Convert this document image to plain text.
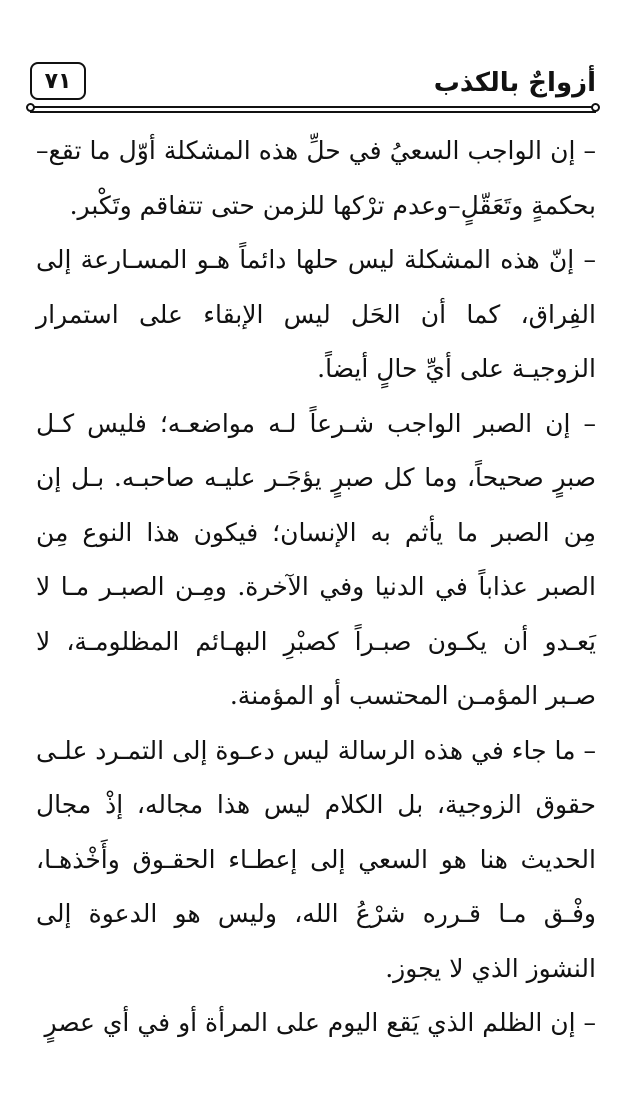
أزواجٌ بالكذب
٧١

– إن الواجب السعيُ في حلِّ هذه المشكلة أوّل ما تقع– بحكمةٍ وتَعَقّلٍ–وعدم ترْكها للزمن حتى تتفاقم وتَكْبر.

– إنّ هذه المشكلة ليس حلها دائماً هـو المسـارعة إلى الفِراق، كما أن الحَل ليس الإبقاء على استمرار الزوجيـة على أيِّ حالٍ أيضاً.

– إن الصبر الواجب شـرعاً لـه مواضعـه؛ فليس كـل صبرٍ صحيحاً، وما كل صبرٍ يؤجَـر عليـه صاحبـه. بـل إن مِن الصبر ما يأثم به الإنسان؛ فيكون هذا النوع مِن الصبر عذاباً في الدنيا وفي الآخرة. ومِـن الصبـر مـا لا يَعـدو أن يكـون صبـراً كصبْرِ البهـائم المظلومـة، لا صـبر المؤمـن المحتسب أو المؤمنة.

– ما جاء في هذه الرسالة ليس دعـوة إلى التمـرد علـى حقوق الزوجية، بل الكلام ليس هذا مجاله، إذْ مجال الحديث هنا هو السعي إلى إعطـاء الحقـوق وأَخْذهـا، وفْـق مـا قـرره شرْعُ الله، وليس هو الدعوة إلى النشوز الذي لا يجوز.

– إن الظلم الذي يَقع اليوم على المرأة أو في أي عصرٍ
